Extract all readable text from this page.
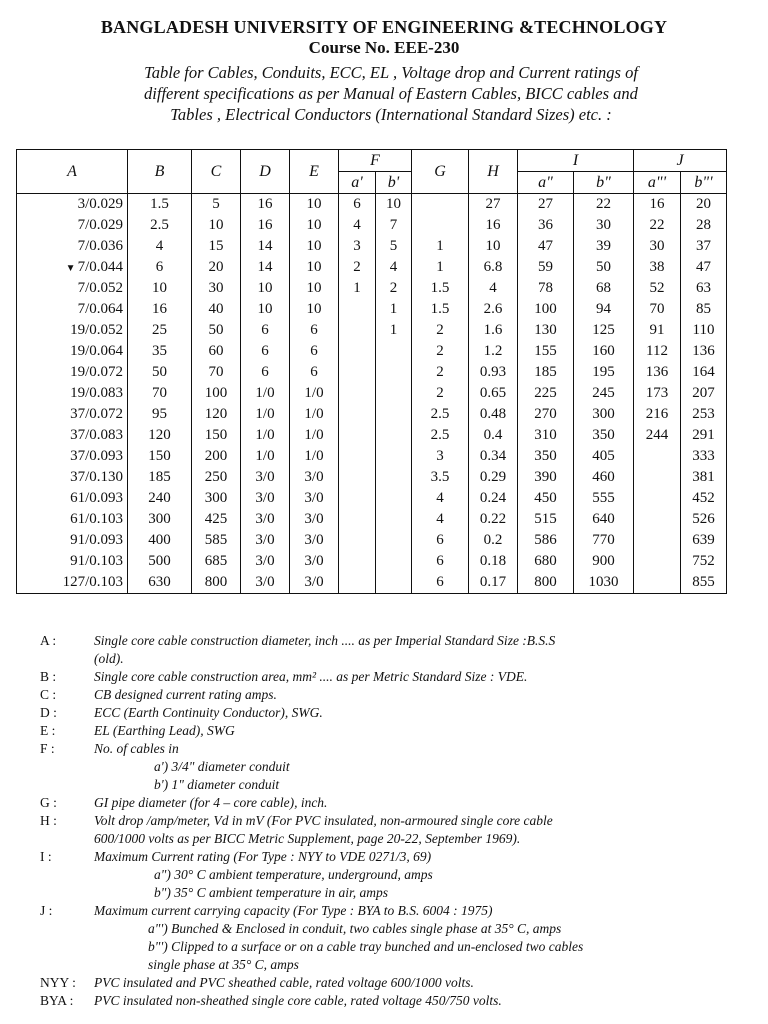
BANGLADESH UNIVERSITY OF ENGINEERING &TECHNOLOGY
Course No. EEE-230
Table for Cables, Conduits, ECC, EL , Voltage drop and Current ratings of
different specifications as per Manual of Eastern Cables, BICC cables and
Tables , Electrical Conductors (International Standard Sizes) etc. :
A	B	C	D	E	F		G	H	I		J	
					a'	b'			a"	b"	a"'	b"'
3/0.029	1.5	5	16	10	6	10		27	27	22	16	20
7/0.029	2.5	10	16	10	4	7		16	36	30	22	28
7/0.036	4	15	14	10	3	5	1	10	47	39	30	37
▼ 7/0.044	6	20	14	10	2	4	1	6.8	59	50	38	47
7/0.052	10	30	10	10	1	2	1.5	4	78	68	52	63
7/0.064	16	40	10	10		1	1.5	2.6	100	94	70	85
19/0.052	25	50	6	6		1	2	1.6	130	125	91	110
19/0.064	35	60	6	6			2	1.2	155	160	112	136
19/0.072	50	70	6	6			2	0.93	185	195	136	164
19/0.083	70	100	1/0	1/0			2	0.65	225	245	173	207
37/0.072	95	120	1/0	1/0			2.5	0.48	270	300	216	253
37/0.083	120	150	1/0	1/0			2.5	0.4	310	350	244	291
37/0.093	150	200	1/0	1/0			3	0.34	350	405		333
37/0.130	185	250	3/0	3/0			3.5	0.29	390	460		381
61/0.093	240	300	3/0	3/0			4	0.24	450	555		452
61/0.103	300	425	3/0	3/0			4	0.22	515	640		526
91/0.093	400	585	3/0	3/0			6	0.2	586	770		639
91/0.103	500	685	3/0	3/0			6	0.18	680	900		752
127/0.103	630	800	3/0	3/0			6	0.17	800	1030		855
A :	Single core cable construction diameter, inch .... as per Imperial Standard Size :B.S.S
(old).
B :	Single core cable construction area, mm² .... as per Metric Standard Size : VDE.
C :	CB designed current rating amps.
D :	ECC (Earth Continuity Conductor), SWG.
E :	EL (Earthing Lead), SWG
F :	No. of cables in
a') 3/4" diameter conduit
b') 1" diameter conduit
G :	GI pipe diameter (for 4 – core cable), inch.
H :	Volt drop /amp/meter, Vd in mV (For PVC insulated, non-armoured single core cable
600/1000 volts as per BICC Metric Supplement, page 20-22, September 1969).
I :	Maximum Current rating (For Type : NYY to VDE 0271/3, 69)
a") 30° C ambient temperature, underground, amps
b") 35° C ambient temperature in air, amps
J :	Maximum current carrying capacity (For Type : BYA to B.S. 6004 : 1975)
a"') Bunched & Enclosed in conduit, two cables single phase at 35° C, amps
b"') Clipped to a surface or on a cable tray bunched and un-enclosed two cables
single phase at 35° C, amps
NYY :	PVC insulated and PVC sheathed cable, rated voltage 600/1000 volts.
BYA :	PVC insulated non-sheathed single core cable, rated voltage 450/750 volts.
